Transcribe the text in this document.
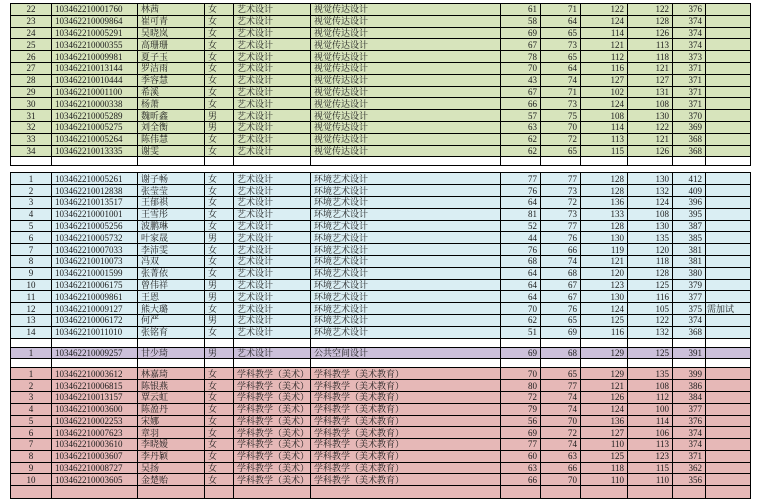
22	103462210001760	林茜	女	艺术设计	视觉传达设计	61	71	122	122	376	
23	103462210009864	崔可青	女	艺术设计	视觉传达设计	58	64	124	128	374	
24	103462210005291	吴晓岚	女	艺术设计	视觉传达设计	69	65	114	126	374	
25	103462210000355	高珊珊	女	艺术设计	视觉传达设计	67	73	121	113	374	
26	103462210009981	夏子玉	女	艺术设计	视觉传达设计	78	65	112	118	373	
27	103462210013144	罗洁雨	女	艺术设计	视觉传达设计	70	64	116	121	371	
28	103462210010444	季容慧	女	艺术设计	视觉传达设计	43	74	127	127	371	
29	103462210001100	希溪	女	艺术设计	视觉传达设计	67	71	102	131	371	
30	103462210000338	杨萧	女	艺术设计	视觉传达设计	66	73	124	108	371	
31	103462210005289	魏昕鑫	男	艺术设计	视觉传达设计	57	75	108	130	370	
32	103462210005275	刘全衡	男	艺术设计	视觉传达设计	63	70	114	122	369	
33	103462210005264	陈伟慧	女	艺术设计	视觉传达设计	62	72	113	121	368	
34	103462210013335	谢雯	女	艺术设计	视觉传达设计	62	65	115	126	368	

1	103462210005261	谢子畅	女	艺术设计	环境艺术设计	77	77	128	130	412	
2	103462210012838	张莹莹	女	艺术设计	环境艺术设计	76	73	128	132	409	
3	103462210013517	王郁祺	女	艺术设计	环境艺术设计	64	72	136	124	396	
4	103462210001001	王雪彤	女	艺术设计	环境艺术设计	81	73	133	108	395	
5	103462210005256	波鹏琳	女	艺术设计	环境艺术设计	52	77	128	130	387	
6	103462210005732	叶家晟	男	艺术设计	环境艺术设计	44	76	130	135	385	
7	103462210007033	李沛雯	女	艺术设计	环境艺术设计	76	66	119	120	381	
8	103462210010073	冯双	女	艺术设计	环境艺术设计	68	74	121	118	381	
9	103462210001599	张菁依	女	艺术设计	环境艺术设计	64	68	120	128	380	
10	103462210006175	曾伟祥	男	艺术设计	环境艺术设计	64	67	123	125	379	
11	103462210009861	王恩	男	艺术设计	环境艺术设计	64	67	130	116	377	
12	103462210009127	熊大璐	女	艺术设计	环境艺术设计	70	76	124	105	375	需加试
13	103462210006172	何严	男	艺术设计	环境艺术设计	62	65	125	122	374	
14	103462210011010	张铭育	女	艺术设计	环境艺术设计	51	69	116	132	368	

1	103462210009257	甘少琦	男	艺术设计	公共空间设计	69	68	129	125	391	

1	103462210003612	林嘉琦	女	学科教学（美术）	学科教学（美术教育）	70	65	129	135	399	
2	103462210006815	陈银燕	女	学科教学（美术）	学科教学（美术教育）	80	77	121	108	386	
3	103462210013157	覃云虹	女	学科教学（美术）	学科教学（美术教育）	72	74	126	112	384	
4	103462210003600	陈盈丹	女	学科教学（美术）	学科教学（美术教育）	79	74	124	100	377	
5	103462210002253	宋娜	女	学科教学（美术）	学科教学（美术教育）	56	70	136	114	376	
6	103462210007623	章羽	女	学科教学（美术）	学科教学（美术教育）	69	72	127	106	374	
7	103462210003610	李晓嫒	女	学科教学（美术）	学科教学（美术教育）	77	74	110	113	374	
8	103462210003607	李丹颖	女	学科教学（美术）	学科教学（美术教育）	60	63	125	123	371	
9	103462210008727	吴扬	女	学科教学（美术）	学科教学（美术教育）	63	66	118	115	362	
10	103462210003605	金楚贻	女	学科教学（美术）	学科教学（美术教育）	66	70	110	110	356	
